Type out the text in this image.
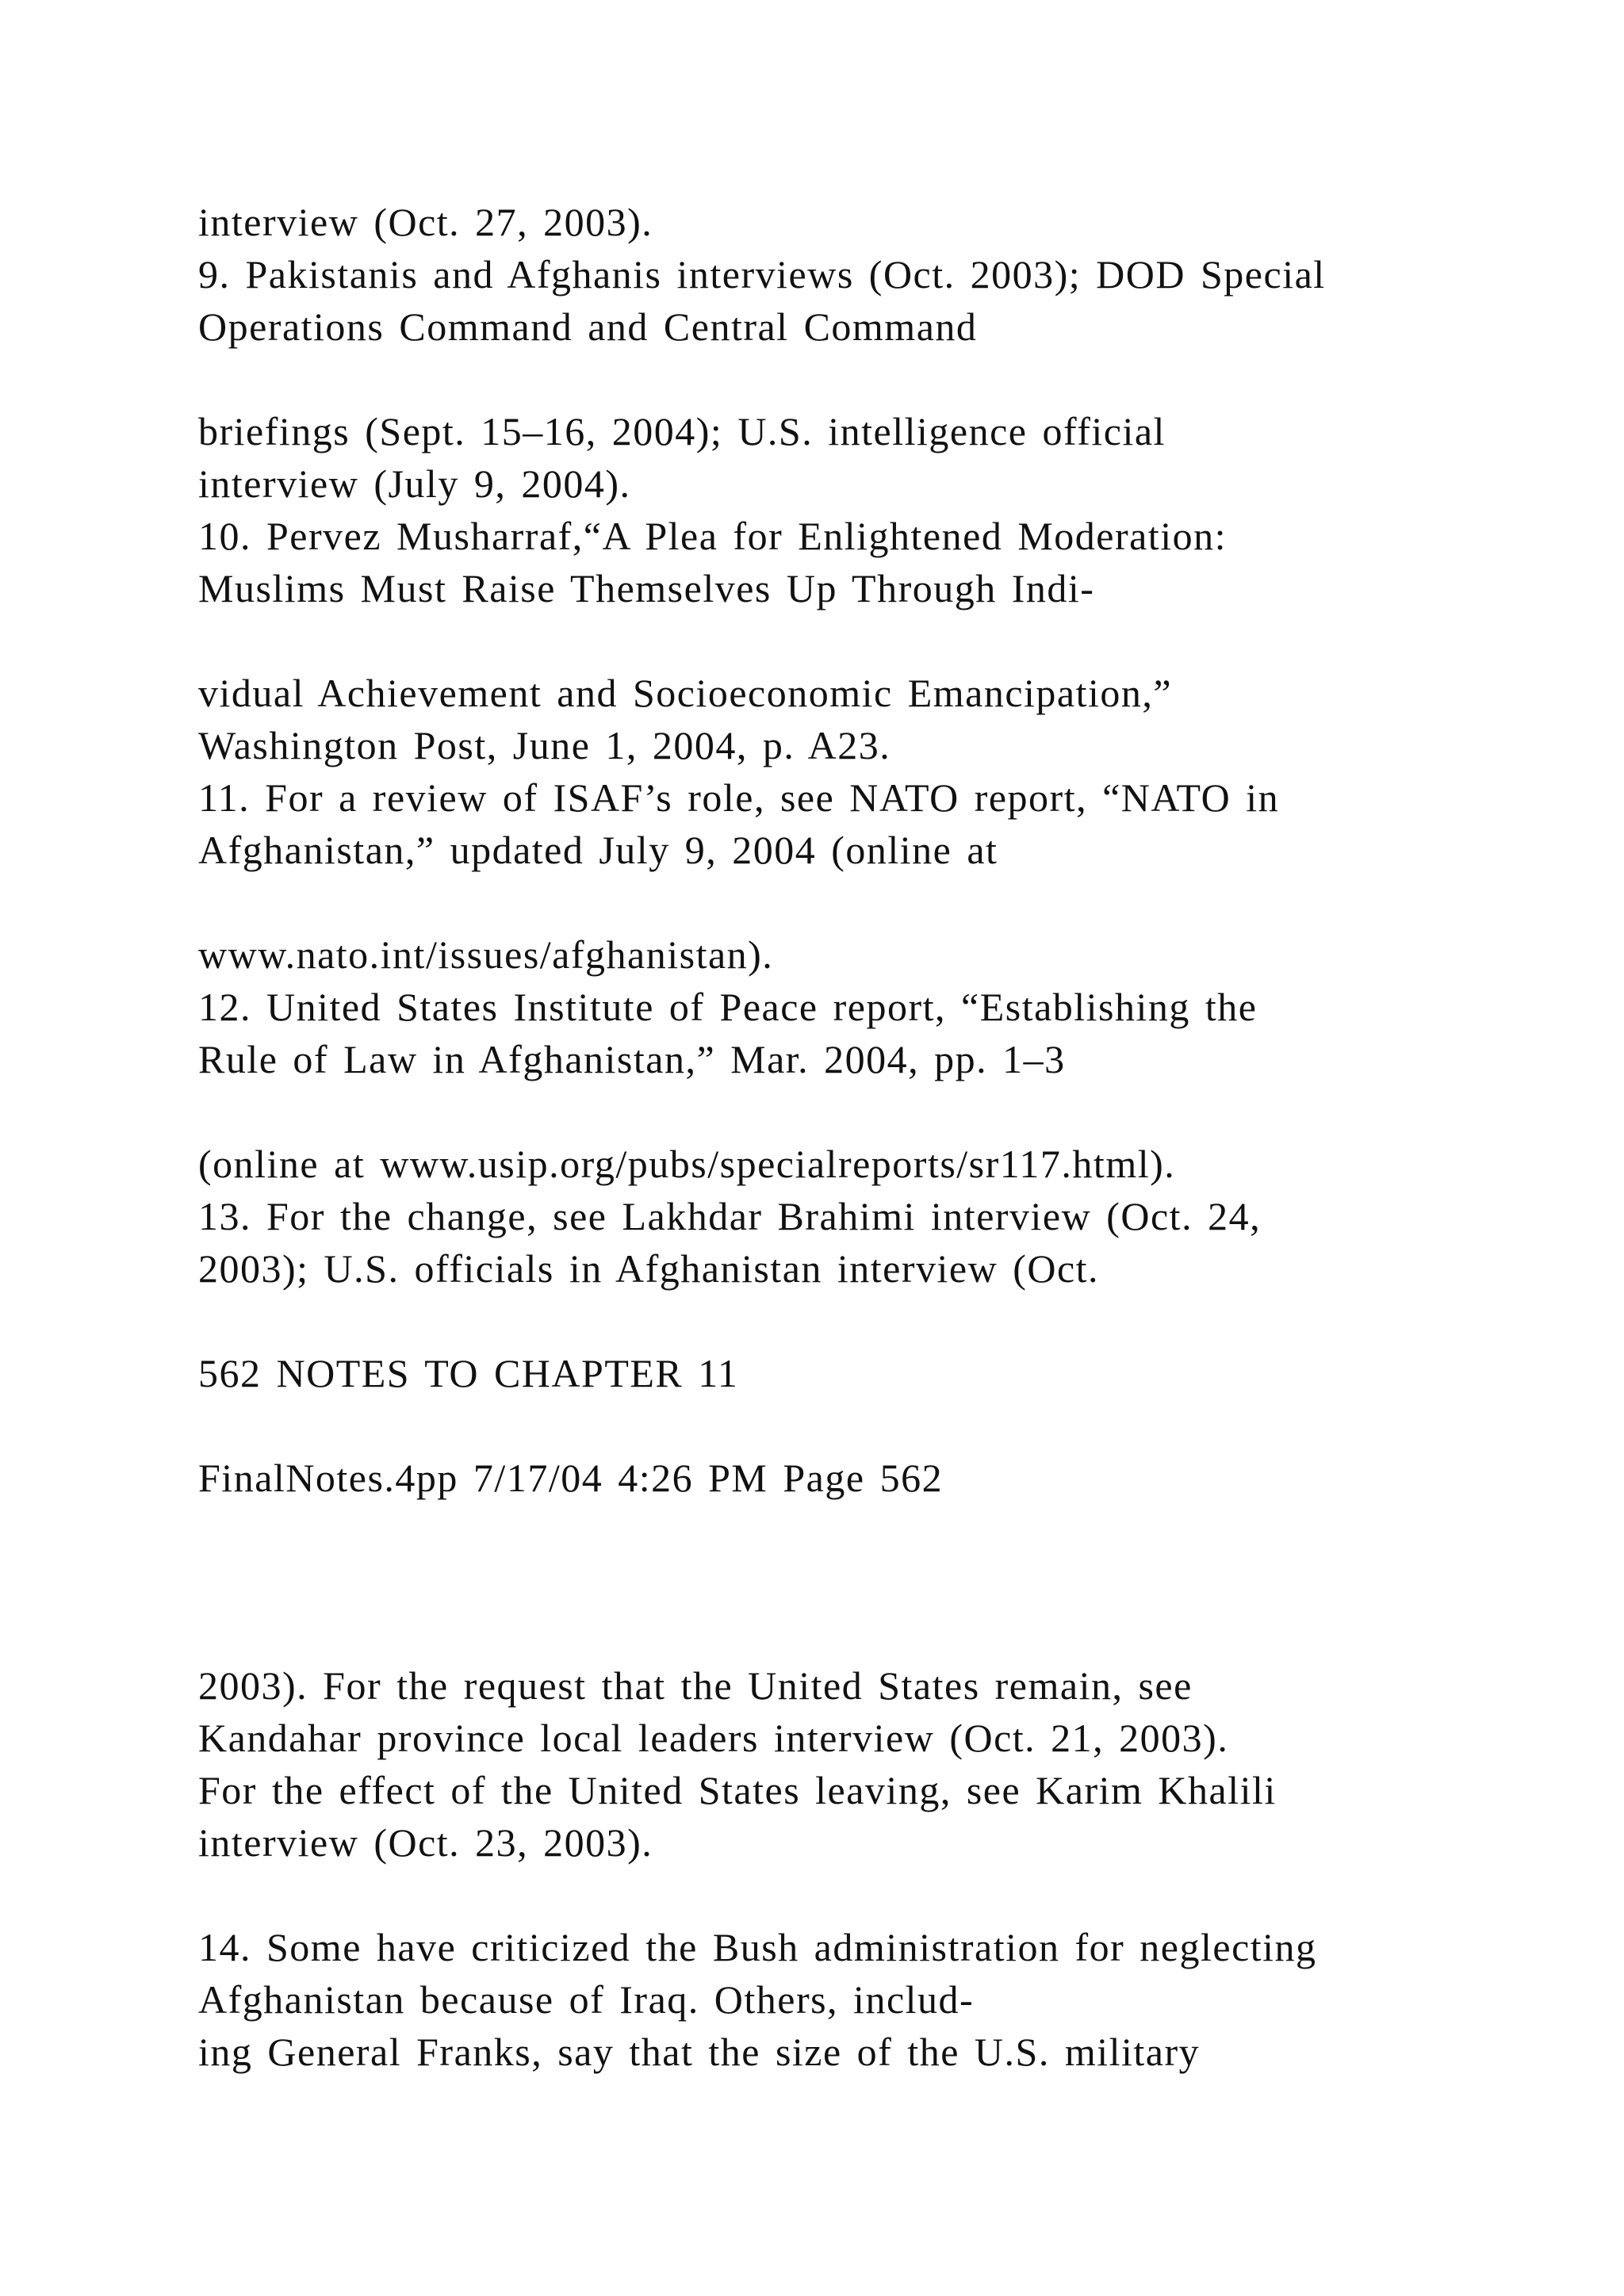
interview (Oct. 27, 2003).

9. Pakistanis and Afghanis interviews (Oct. 2003); DOD Special

Operations Command and Central Command

briefings (Sept. 15–16, 2004); U.S. intelligence official

interview (July 9, 2004).

10. Pervez Musharraf,“A Plea for Enlightened Moderation:

Muslims Must Raise Themselves Up Through Indi-

vidual Achievement and Socioeconomic Emancipation,”

Washington Post, June 1, 2004, p. A23.

11. For a review of ISAF’s role, see NATO report, “NATO in

Afghanistan,” updated July 9, 2004 (online at

www.nato.int/issues/afghanistan).

12. United States Institute of Peace report, “Establishing the

Rule of Law in Afghanistan,” Mar. 2004, pp. 1–3

(online at www.usip.org/pubs/specialreports/sr117.html).

13. For the change, see Lakhdar Brahimi interview (Oct. 24,

2003); U.S. officials in Afghanistan interview (Oct.

562 NOTES TO CHAPTER 11

FinalNotes.4pp 7/17/04 4:26 PM Page 562

2003). For the request that the United States remain, see

Kandahar province local leaders interview (Oct. 21, 2003).

For the effect of the United States leaving, see Karim Khalili

interview (Oct. 23, 2003).

14. Some have criticized the Bush administration for neglecting

Afghanistan because of Iraq. Others, includ-

ing General Franks, say that the size of the U.S. military
